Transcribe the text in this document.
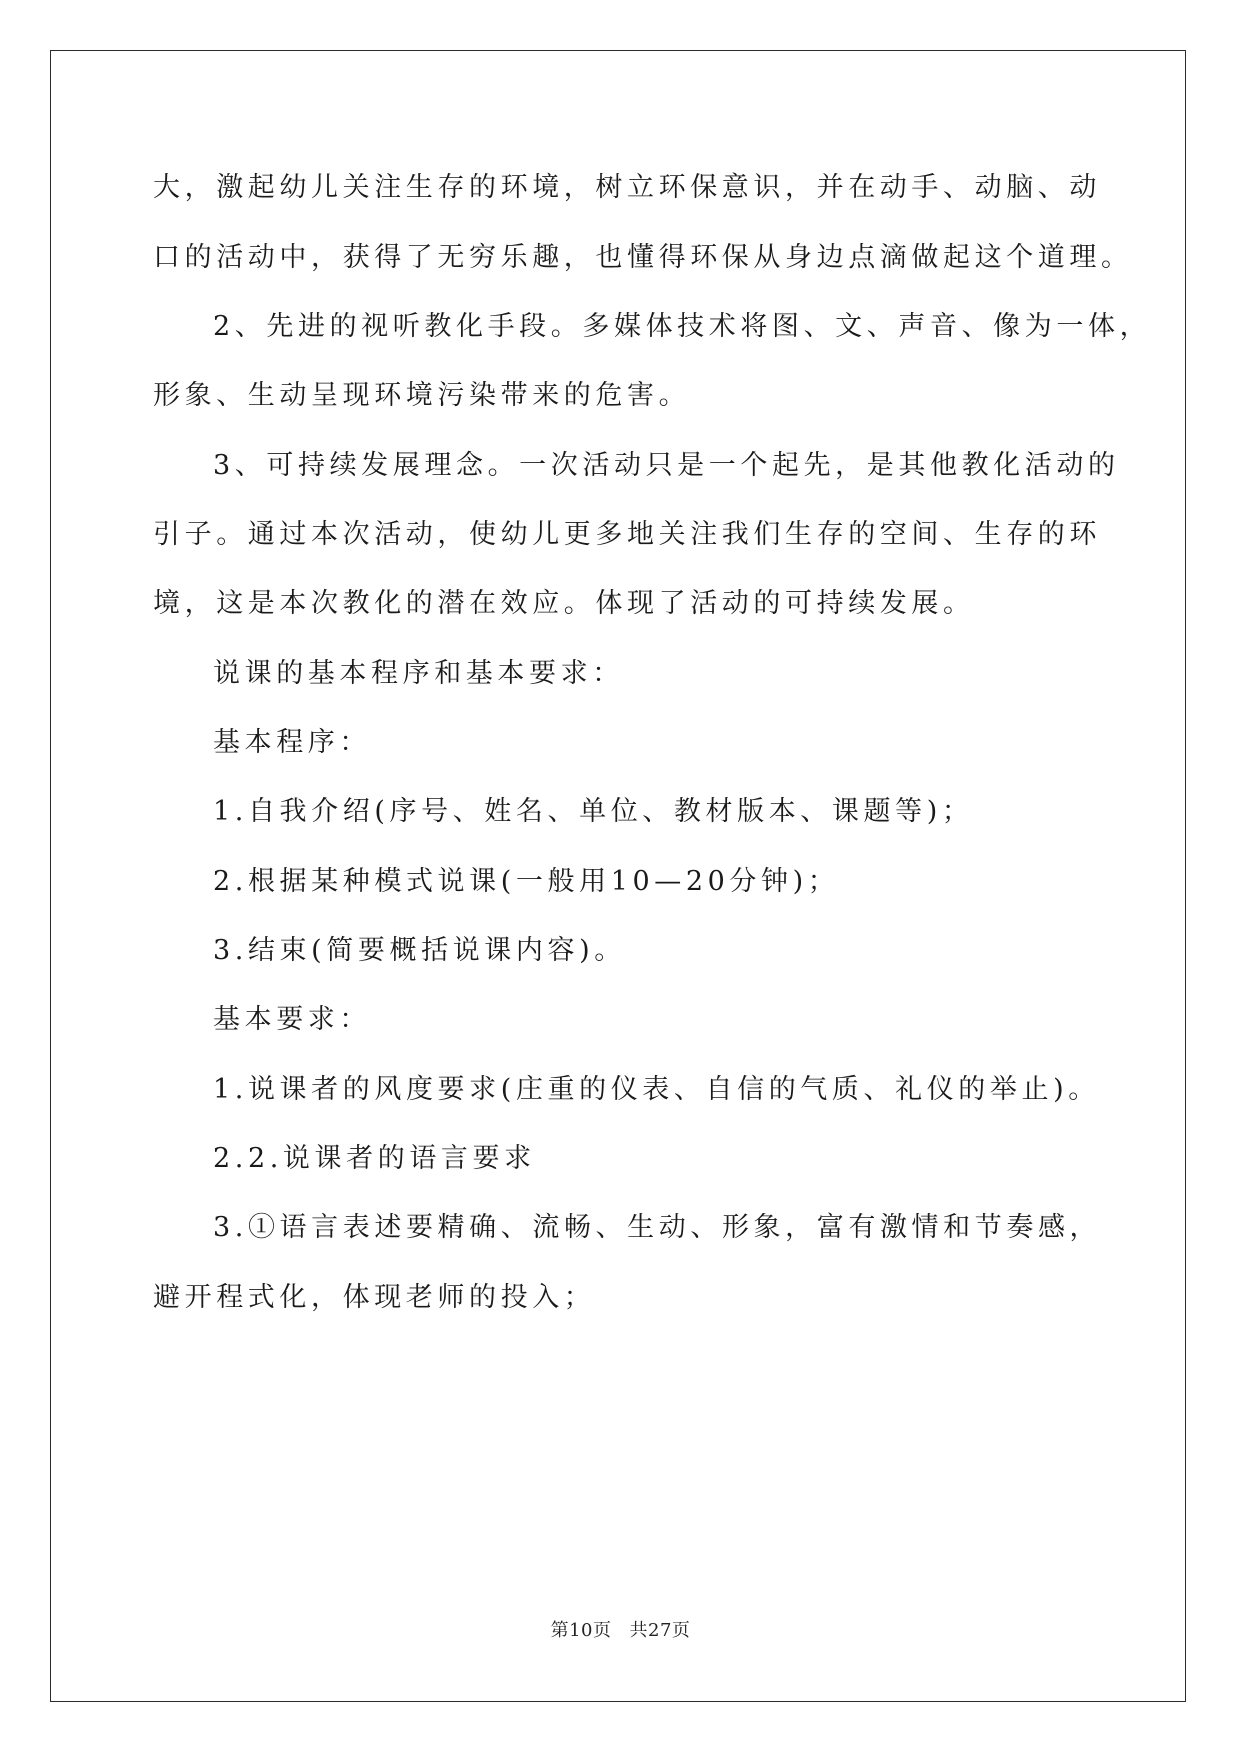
大，激起幼儿关注生存的环境，树立环保意识，并在动手、动脑、动
口的活动中，获得了无穷乐趣，也懂得环保从身边点滴做起这个道理。
2、先进的视听教化手段。多媒体技术将图、文、声音、像为一体，
形象、生动呈现环境污染带来的危害。
3、可持续发展理念。一次活动只是一个起先，是其他教化活动的
引子。通过本次活动，使幼儿更多地关注我们生存的空间、生存的环
境，这是本次教化的潜在效应。体现了活动的可持续发展。
说课的基本程序和基本要求：
基本程序：
1.自我介绍(序号、姓名、单位、教材版本、课题等)；
2.根据某种模式说课(一般用10—20分钟)；
3.结束(简要概括说课内容)。
基本要求：
1.说课者的风度要求(庄重的仪表、自信的气质、礼仪的举止)。
2.2.说课者的语言要求
3.①语言表述要精确、流畅、生动、形象，富有激情和节奏感，
避开程式化，体现老师的投入；
第10页 共27页
